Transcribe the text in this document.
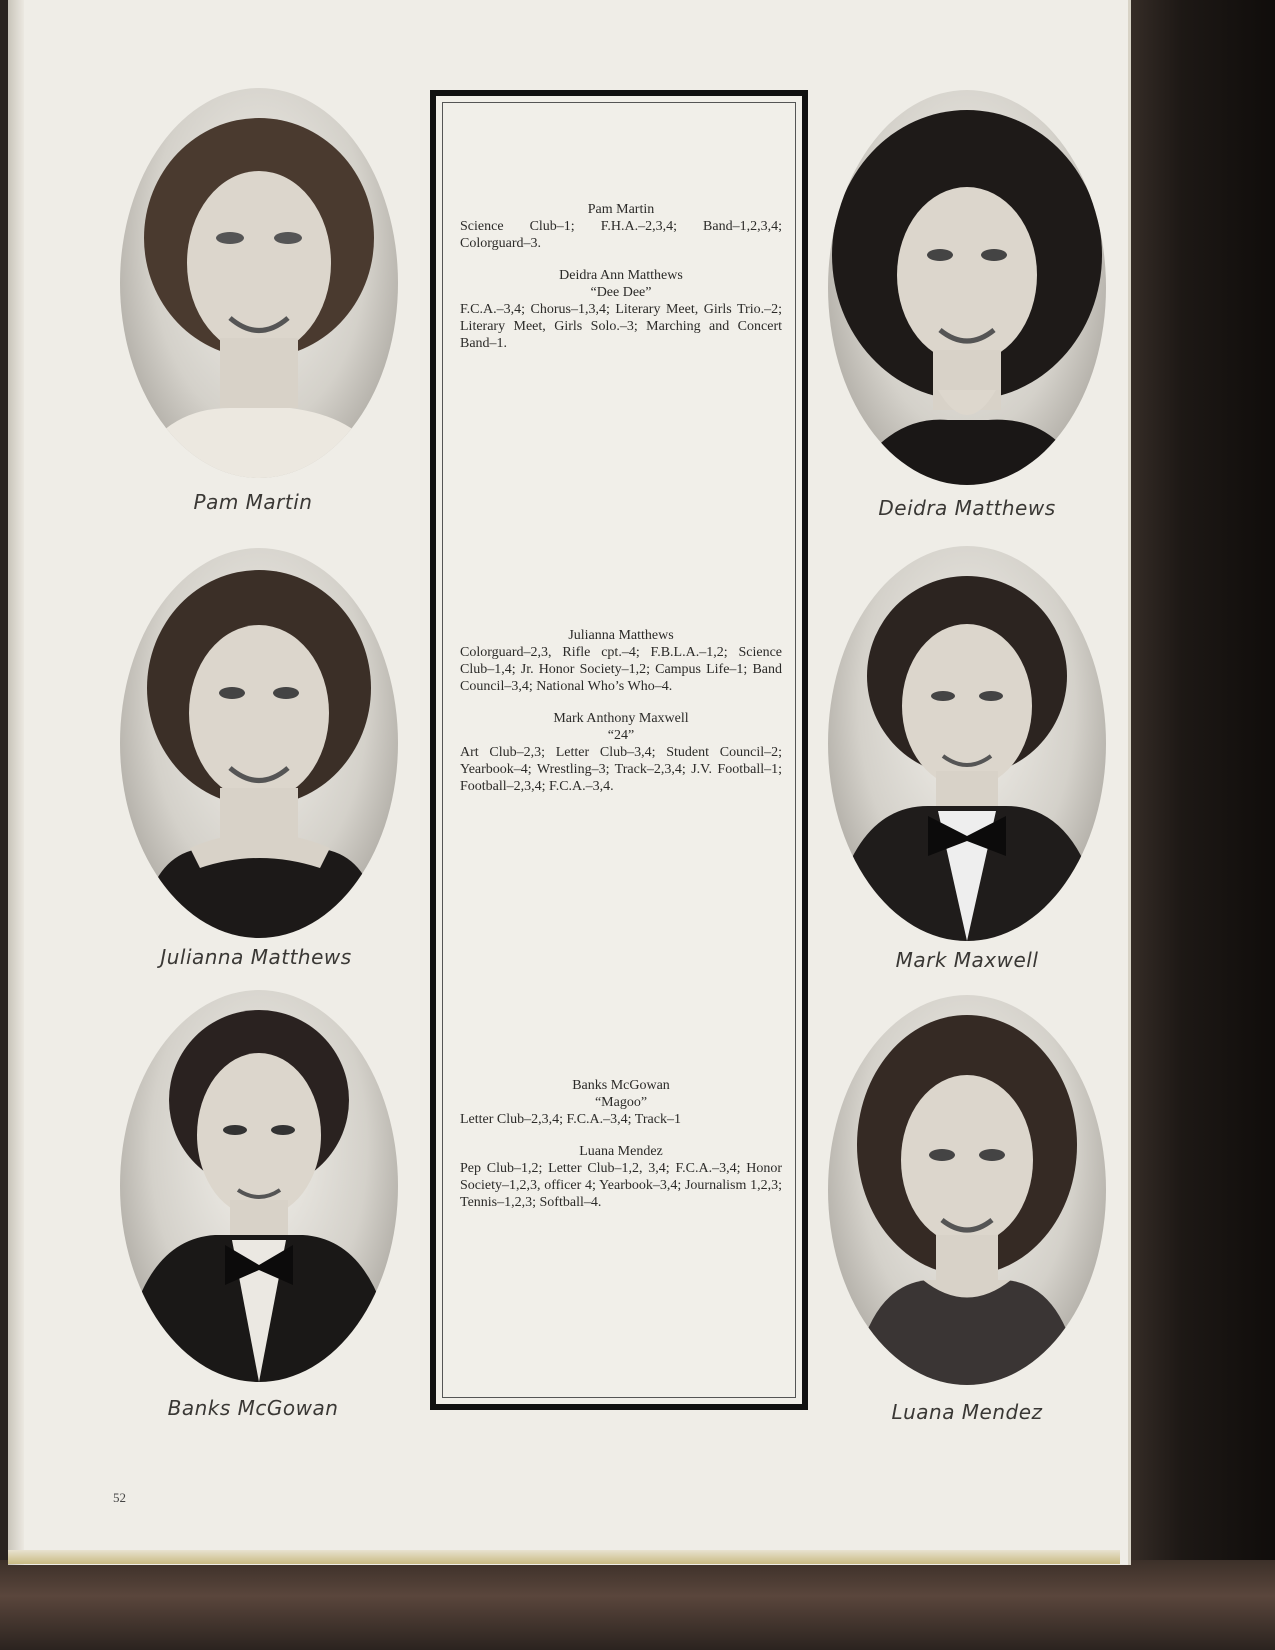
Pam Martin	Deidra Matthews
Julianna Matthews	Mark Maxwell
Banks McGowan	Luana Mendez
Pam Martin
Science Club–1; F.H.A.–2,3,4; Band–1,2,3,4; Colorguard–3.
Deidra Ann Matthews
“Dee Dee”
F.C.A.–3,4; Chorus–1,3,4; Literary Meet, Girls Trio.–2; Literary Meet, Girls Solo.–3; Marching and Concert Band–1.
Julianna Matthews
Colorguard–2,3, Rifle cpt.–4; F.B.L.A.–1,2; Science Club–1,4; Jr. Honor Society–1,2; Campus Life–1; Band Council–3,4; National Who’s Who–4.
Mark Anthony Maxwell
“24”
Art Club–2,3; Letter Club–3,4; Student Council–2; Yearbook–4; Wrestling–3; Track–2,3,4; J.V. Football–1; Football–2,3,4; F.C.A.–3,4.
Banks McGowan
“Magoo”
Letter Club–2,3,4; F.C.A.–3,4; Track–1
Luana Mendez
Pep Club–1,2; Letter Club–1,2, 3,4; F.C.A.–3,4; Honor Society–1,2,3, officer 4; Yearbook–3,4; Journalism 1,2,3; Tennis–1,2,3; Softball–4.
52
